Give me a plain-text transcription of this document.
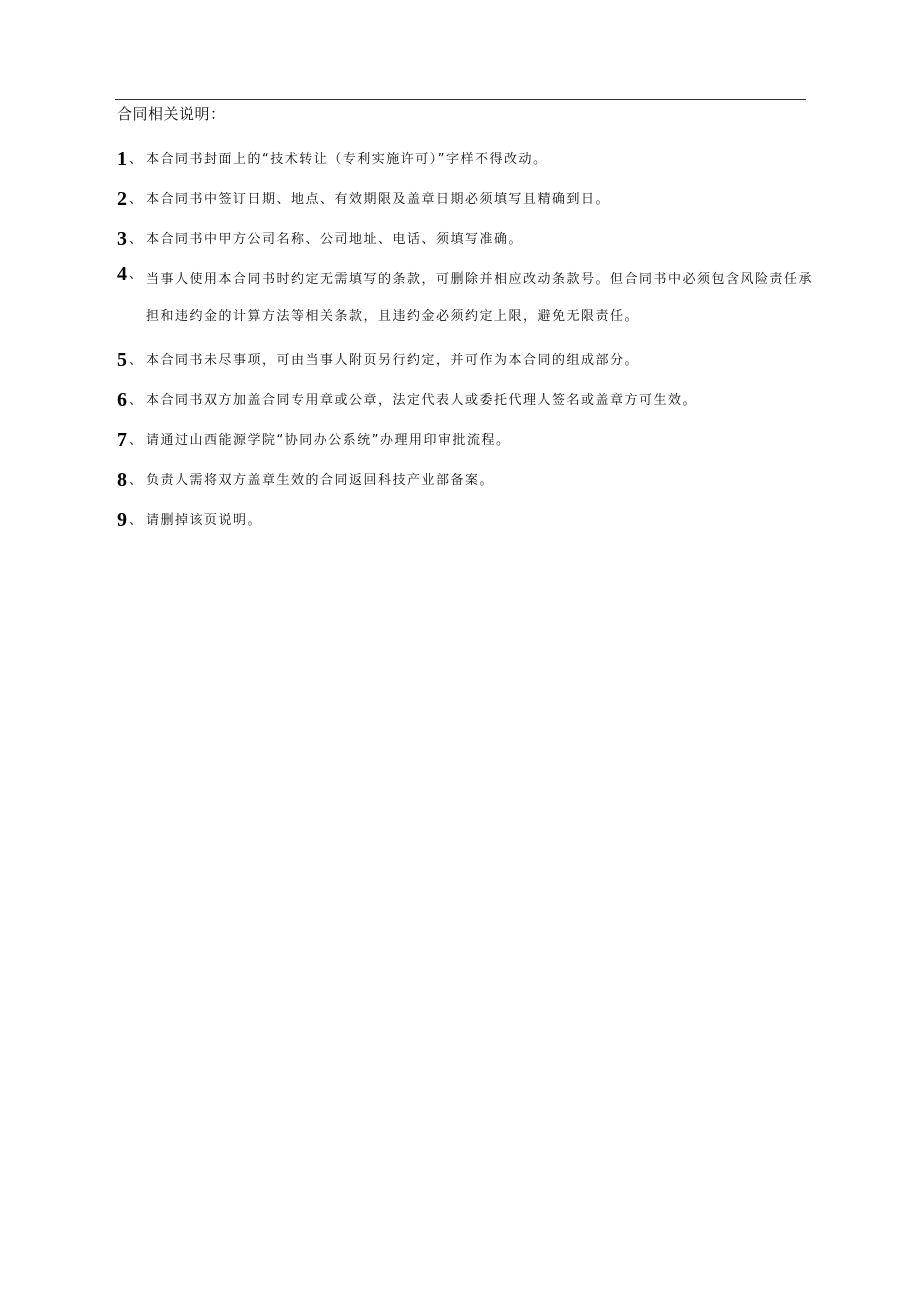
合同相关说明：
1 、 本合同书封面上的“技术转让（专利实施许可）”字样不得改动。
2 、 本合同书中签订日期、地点、有效期限及盖章日期必须填写且精确到日。
3 、 本合同书中甲方公司名称、公司地址、电话、须填写准确。
4 、 当事人使用本合同书时约定无需填写的条款，可删除并相应改动条款号。但合同书中必须包含风险责任承担和违约金的计算方法等相关条款，且违约金必须约定上限，避免无限责任。
5 、 本合同书未尽事项，可由当事人附页另行约定，并可作为本合同的组成部分。
6 、 本合同书双方加盖合同专用章或公章，法定代表人或委托代理人签名或盖章方可生效。
7 、 请通过山西能源学院“协同办公系统”办理用印审批流程。
8 、 负责人需将双方盖章生效的合同返回科技产业部备案。
9 、 请删掉该页说明。
